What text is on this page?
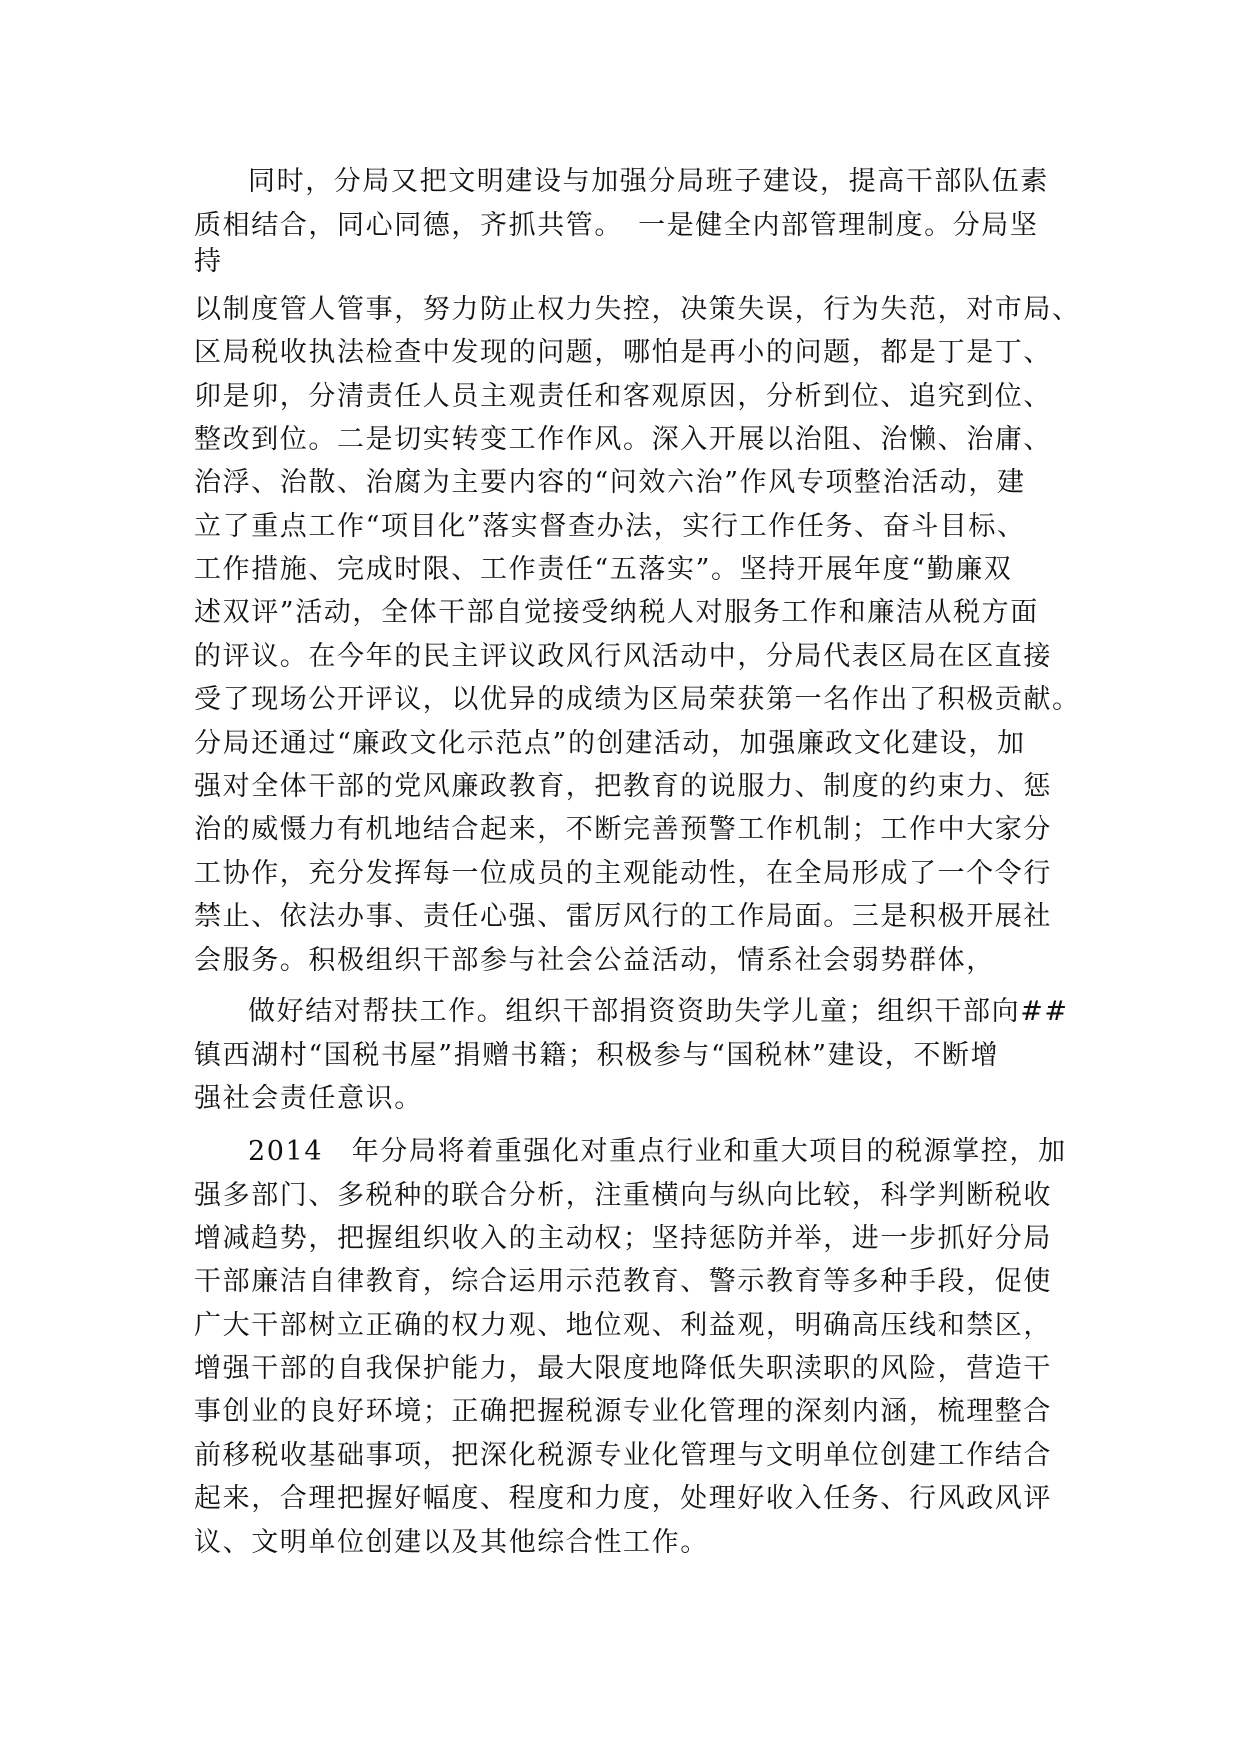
同时，分局又把文明建设与加强分局班子建设，提高干部队伍素
质相结合，同心同德，齐抓共管。　一是健全内部管理制度。分局坚
持
以制度管人管事，努力防止权力失控，决策失误，行为失范，对市局、
区局税收执法检查中发现的问题，哪怕是再小的问题，都是丁是丁、
卯是卯，分清责任人员主观责任和客观原因，分析到位、追究到位、
整改到位。二是切实转变工作作风。深入开展以治阻、治懒、治庸、
治浮、治散、治腐为主要内容的“问效六治”作风专项整治活动，建
立了重点工作“项目化”落实督查办法，实行工作任务、奋斗目标、
工作措施、完成时限、工作责任“五落实”。坚持开展年度“勤廉双
述双评”活动，全体干部自觉接受纳税人对服务工作和廉洁从税方面
的评议。在今年的民主评议政风行风活动中，分局代表区局在区直接
受了现场公开评议，以优异的成绩为区局荣获第一名作出了积极贡献。
分局还通过“廉政文化示范点”的创建活动，加强廉政文化建设，加
强对全体干部的党风廉政教育，把教育的说服力、制度的约束力、惩
治的威慑力有机地结合起来，不断完善预警工作机制；工作中大家分
工协作，充分发挥每一位成员的主观能动性，在全局形成了一个令行
禁止、依法办事、责任心强、雷厉风行的工作局面。三是积极开展社
会服务。积极组织干部参与社会公益活动，情系社会弱势群体，
做好结对帮扶工作。组织干部捐资资助失学儿童；组织干部向##
镇西湖村“国税书屋”捐赠书籍；积极参与“国税林”建设，不断增
强社会责任意识。
2014　年分局将着重强化对重点行业和重大项目的税源掌控，加
强多部门、多税种的联合分析，注重横向与纵向比较，科学判断税收
增减趋势，把握组织收入的主动权；坚持惩防并举，进一步抓好分局
干部廉洁自律教育，综合运用示范教育、警示教育等多种手段，促使
广大干部树立正确的权力观、地位观、利益观，明确高压线和禁区，
增强干部的自我保护能力，最大限度地降低失职渎职的风险，营造干
事创业的良好环境；正确把握税源专业化管理的深刻内涵，梳理整合
前移税收基础事项，把深化税源专业化管理与文明单位创建工作结合
起来，合理把握好幅度、程度和力度，处理好收入任务、行风政风评
议、文明单位创建以及其他综合性工作。
